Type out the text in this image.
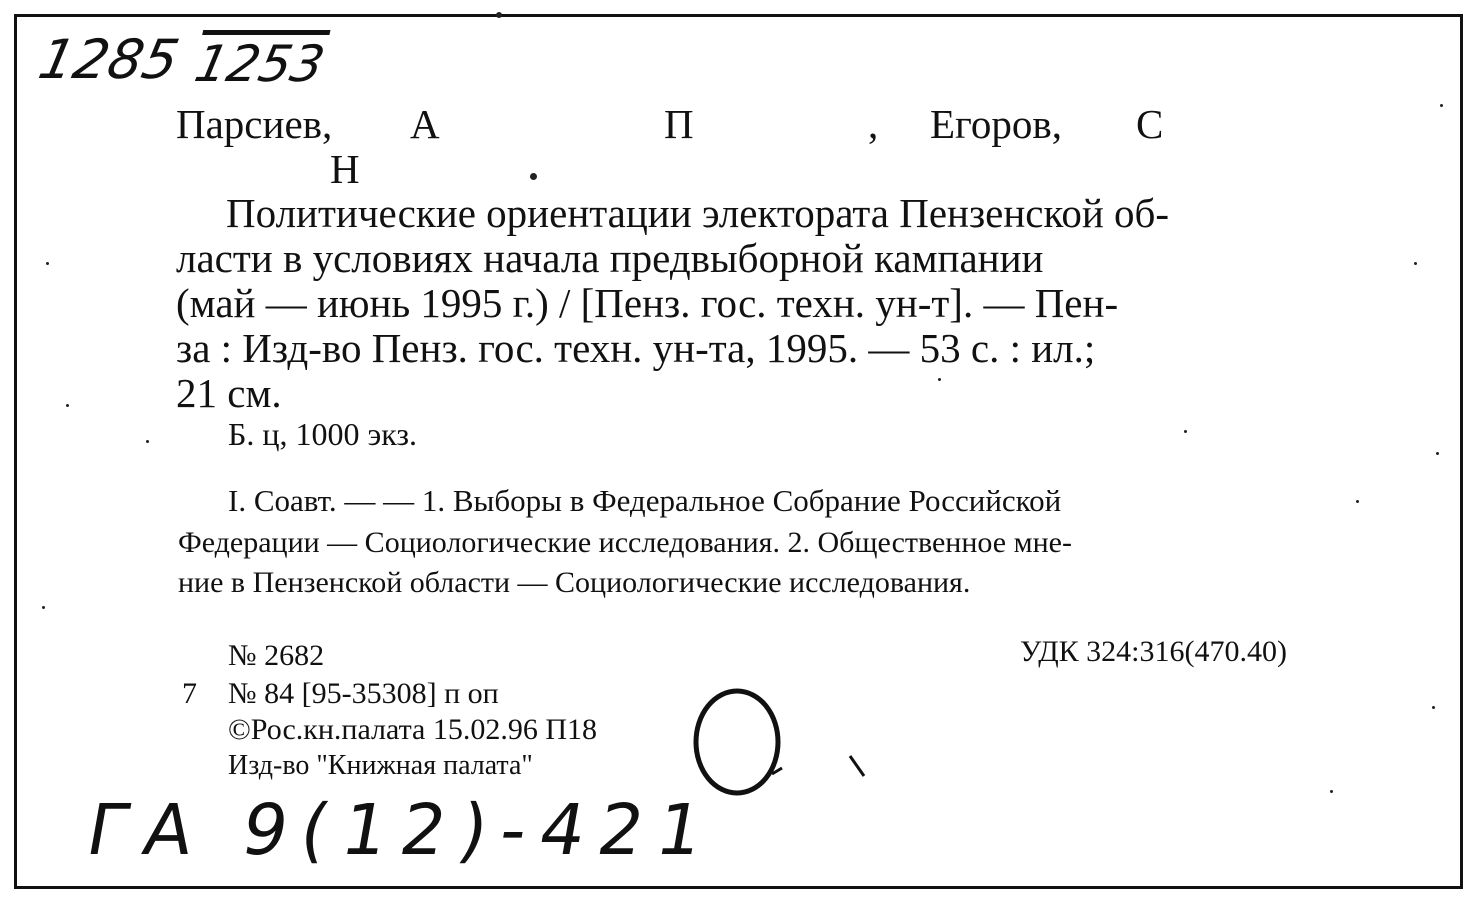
1285 1253
Парсиев, А	П	, Егоров, С
Н
Политические ориентации электората Пензенской об-
ласти в условиях начала предвыборной кампании
(май — июнь 1995 г.) / [Пенз. гос. техн. ун-т]. — Пен-
за : Изд-во Пенз. гос. техн. ун-та, 1995. — 53 с. : ил.;
21 см.
Б. ц, 1000 экз.
I. Соавт. — — 1. Выборы в Федеральное Собрание Российской
Федерации — Социологические исследования. 2. Общественное мне-
ние в Пензенской области — Социологические исследования.
№ 2682	УДК 324:316(470.40)
7 № 84 [95-35308] п оп
©Рос.кн.палата 15.02.96 П18
Изд-во "Книжная палата"
ГА 9(12)-421
